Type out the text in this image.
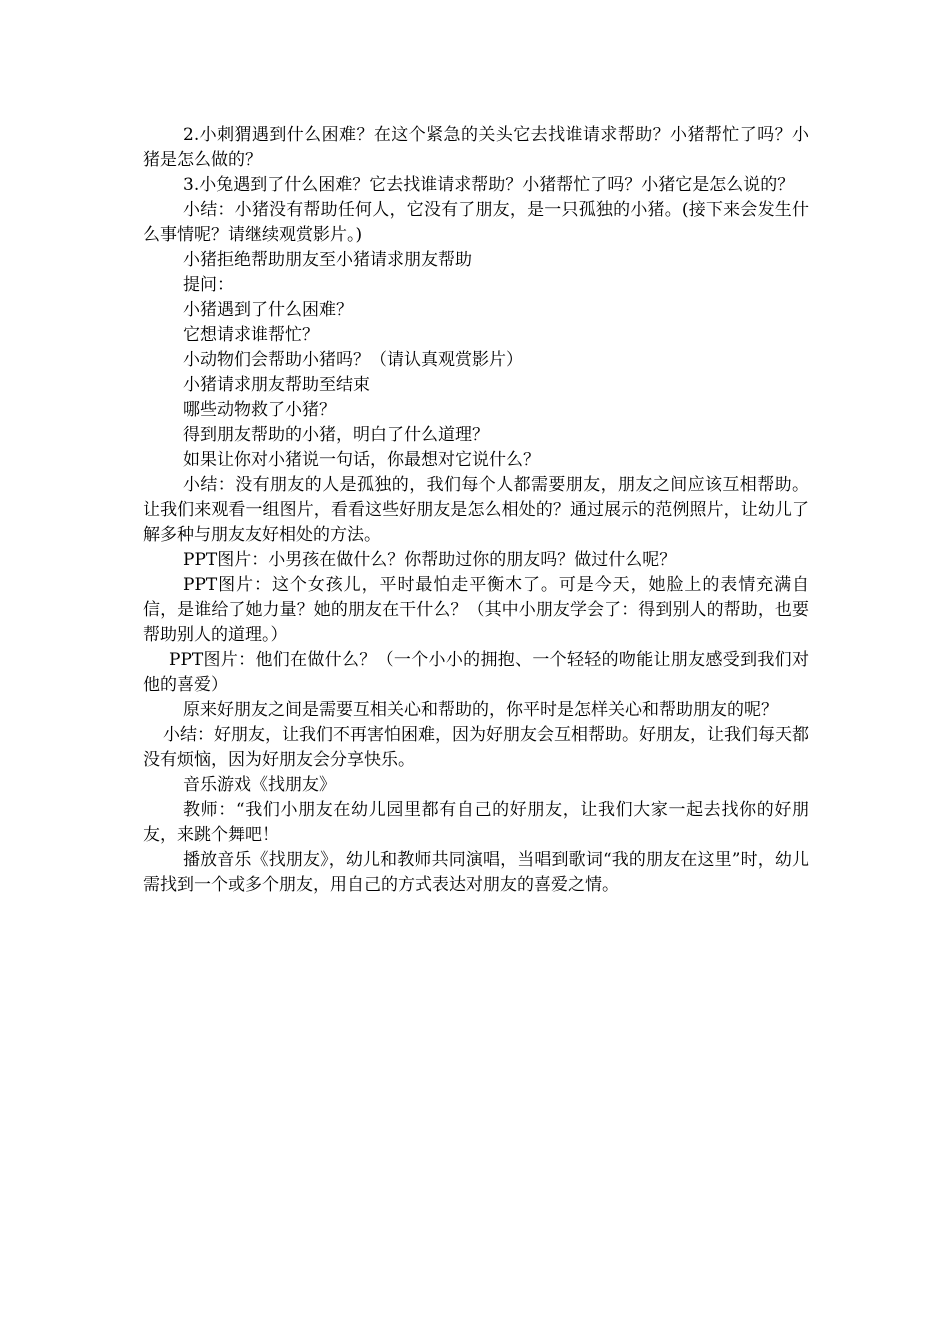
2.小刺猬遇到什么困难？在这个紧急的关头它去找谁请求帮助？小猪帮忙了吗？小猪是怎么做的？

3.小兔遇到了什么困难？它去找谁请求帮助？小猪帮忙了吗？小猪它是怎么说的？

小结：小猪没有帮助任何人，它没有了朋友，是一只孤独的小猪。(接下来会发生什么事情呢？请继续观赏影片。)

小猪拒绝帮助朋友至小猪请求朋友帮助

提问：

小猪遇到了什么困难？

它想请求谁帮忙？

小动物们会帮助小猪吗？（请认真观赏影片）

小猪请求朋友帮助至结束

哪些动物救了小猪？

得到朋友帮助的小猪，明白了什么道理？

如果让你对小猪说一句话，你最想对它说什么？

小结：没有朋友的人是孤独的，我们每个人都需要朋友，朋友之间应该互相帮助。让我们来观看一组图片，看看这些好朋友是怎么相处的？通过展示的范例照片，让幼儿了解多种与朋友友好相处的方法。

PPT图片：小男孩在做什么？你帮助过你的朋友吗？做过什么呢？

PPT图片：这个女孩儿，平时最怕走平衡木了。可是今天，她脸上的表情充满自信，是谁给了她力量？她的朋友在干什么？（其中小朋友学会了：得到别人的帮助，也要帮助别人的道理。）

PPT图片：他们在做什么？（一个小小的拥抱、一个轻轻的吻能让朋友感受到我们对他的喜爱）

原来好朋友之间是需要互相关心和帮助的，你平时是怎样关心和帮助朋友的呢？

小结：好朋友，让我们不再害怕困难，因为好朋友会互相帮助。好朋友，让我们每天都没有烦恼，因为好朋友会分享快乐。

音乐游戏《找朋友》

教师：“我们小朋友在幼儿园里都有自己的好朋友，让我们大家一起去找你的好朋友，来跳个舞吧！

播放音乐《找朋友》，幼儿和教师共同演唱，当唱到歌词“我的朋友在这里”时，幼儿需找到一个或多个朋友，用自己的方式表达对朋友的喜爱之情。
